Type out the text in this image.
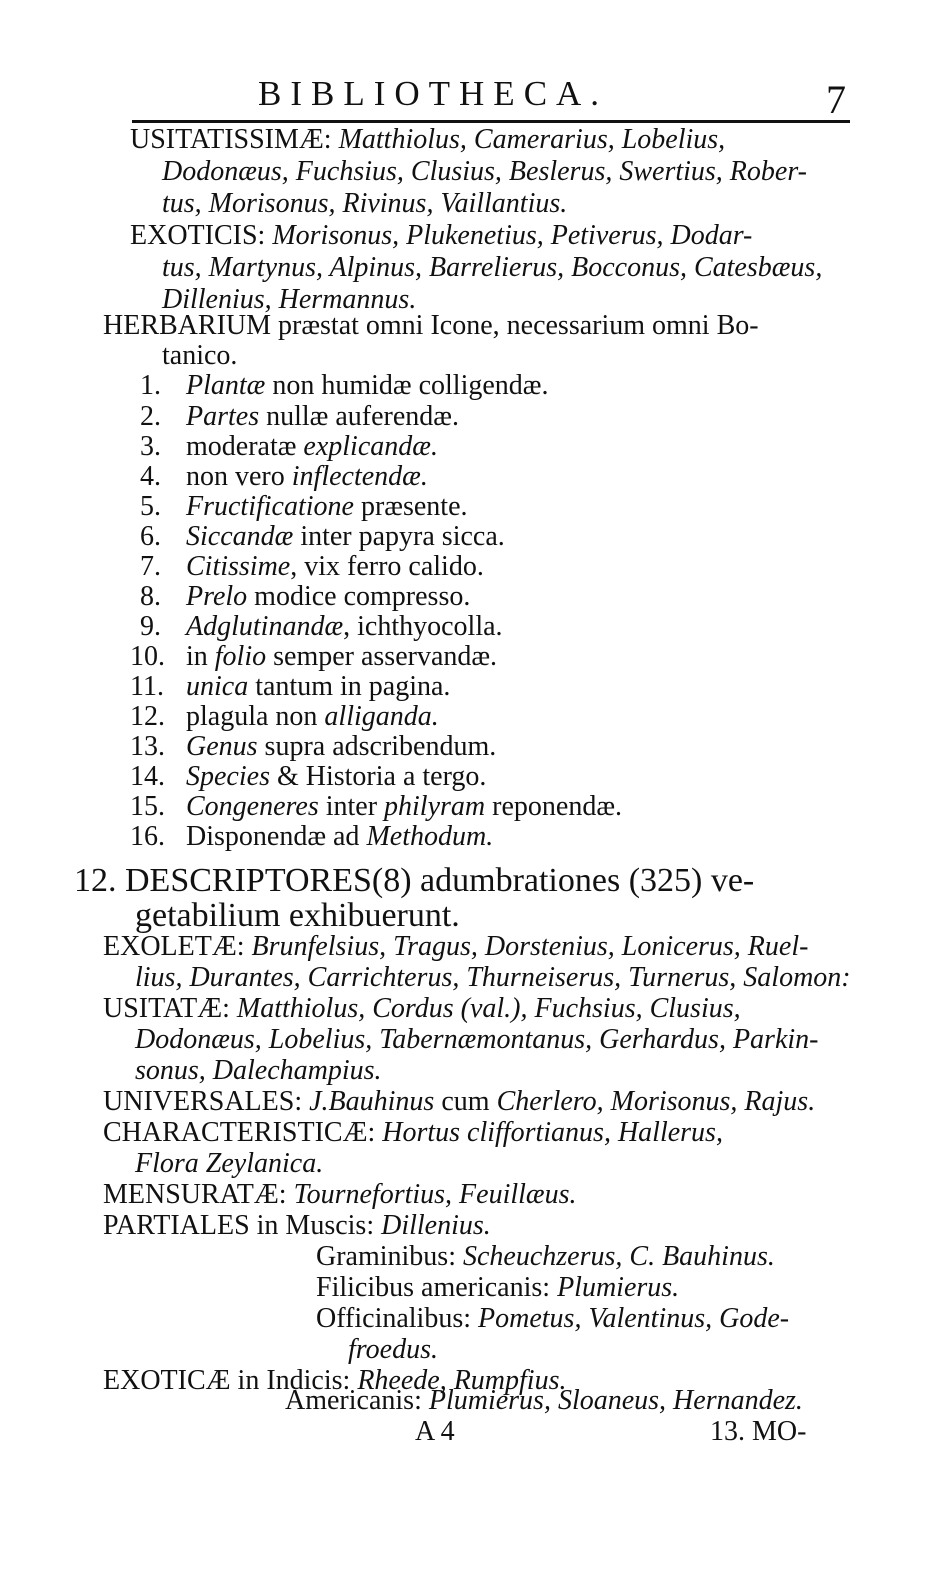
BIBLIOTHECA.	7
USITATISSIMÆ: Matthiolus, Camerarius, Lobelius,
Dodonæus, Fuchsius, Clusius, Beslerus, Swertius, Rober-
tus, Morisonus, Rivinus, Vaillantius.
EXOTICIS: Morisonus, Plukenetius, Petiverus, Dodar-
tus, Martynus, Alpinus, Barrelierus, Bocconus, Catesbæus,
Dillenius, Hermannus.
HERBARIUM præstat omni Icone, necessarium omni Bo-
tanico.
1. Plantæ non humidæ colligendæ.
2. Partes nullæ auferendæ.
3. moderatæ explicandæ.
4. non vero inflectendæ.
5. Fructificatione præsente.
6. Siccandæ inter papyra sicca.
7. Citissime, vix ferro calido.
8. Prelo modice compresso.
9. Adglutinandæ, ichthyocolla.
10. in folio semper asservandæ.
11. unica tantum in pagina.
12. plagula non alliganda.
13. Genus supra adscribendum.
14. Species & Historia a tergo.
15. Congeneres inter philyram reponendæ.
16. Disponendæ ad Methodum.
12. DESCRIPTORES(8) adumbrationes (325) ve-
getabilium exhibuerunt.
EXOLETÆ: Brunfelsius, Tragus, Dorstenius, Lonicerus, Ruel-
lius, Durantes, Carrichterus, Thurneiserus, Turnerus, Salomon:
USITATÆ: Matthiolus, Cordus (val.), Fuchsius, Clusius,
Dodonæus, Lobelius, Tabernæmontanus, Gerhardus, Parkin-
sonus, Dalechampius.
UNIVERSALES: J.Bauhinus cum Cherlero, Morisonus, Rajus.
CHARACTERISTICÆ: Hortus cliffortianus, Hallerus,
Flora Zeylanica.
MENSURATÆ: Tournefortius, Feuillæus.
PARTIALES in Muscis: Dillenius.
Graminibus: Scheuchzerus, C. Bauhinus.
Filicibus americanis: Plumierus.
Officinalibus: Pometus, Valentinus, Gode-
froedus.
EXOTICÆ in Indicis: Rheede, Rumpfius.
Americanis: Plumierus, Sloaneus, Hernandez.
A 4	13. MO-
